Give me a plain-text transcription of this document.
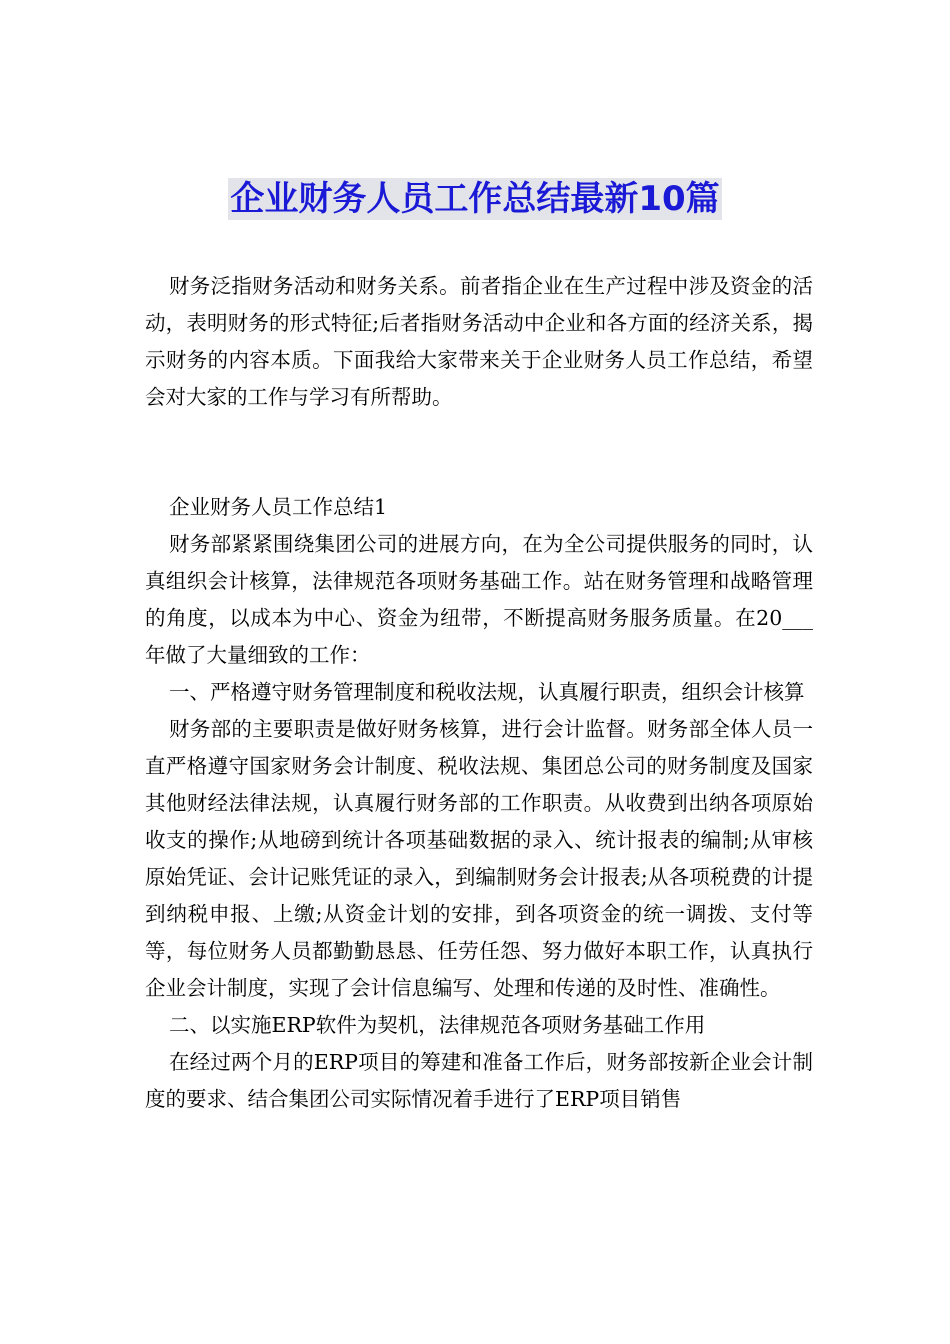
企业财务人员工作总结最新10篇

财务泛指财务活动和财务关系。前者指企业在生产过程中涉及资金的活动，表明财务的形式特征;后者指财务活动中企业和各方面的经济关系，揭示财务的内容本质。下面我给大家带来关于企业财务人员工作总结，希望会对大家的工作与学习有所帮助。

企业财务人员工作总结1

财务部紧紧围绕集团公司的进展方向，在为全公司提供服务的同时，认真组织会计核算，法律规范各项财务基础工作。站在财务管理和战略管理的角度，以成本为中心、资金为纽带，不断提高财务服务质量。在20___年做了大量细致的工作：

一、严格遵守财务管理制度和税收法规，认真履行职责，组织会计核算

财务部的主要职责是做好财务核算，进行会计监督。财务部全体人员一直严格遵守国家财务会计制度、税收法规、集团总公司的财务制度及国家其他财经法律法规，认真履行财务部的工作职责。从收费到出纳各项原始收支的操作;从地磅到统计各项基础数据的录入、统计报表的编制;从审核原始凭证、会计记账凭证的录入，到编制财务会计报表;从各项税费的计提到纳税申报、上缴;从资金计划的安排，到各项资金的统一调拨、支付等等，每位财务人员都勤勤恳恳、任劳任怨、努力做好本职工作，认真执行企业会计制度，实现了会计信息编写、处理和传递的及时性、准确性。

二、以实施ERP软件为契机，法律规范各项财务基础工作用

在经过两个月的ERP项目的筹建和准备工作后，财务部按新企业会计制度的要求、结合集团公司实际情况着手进行了ERP项目销售
